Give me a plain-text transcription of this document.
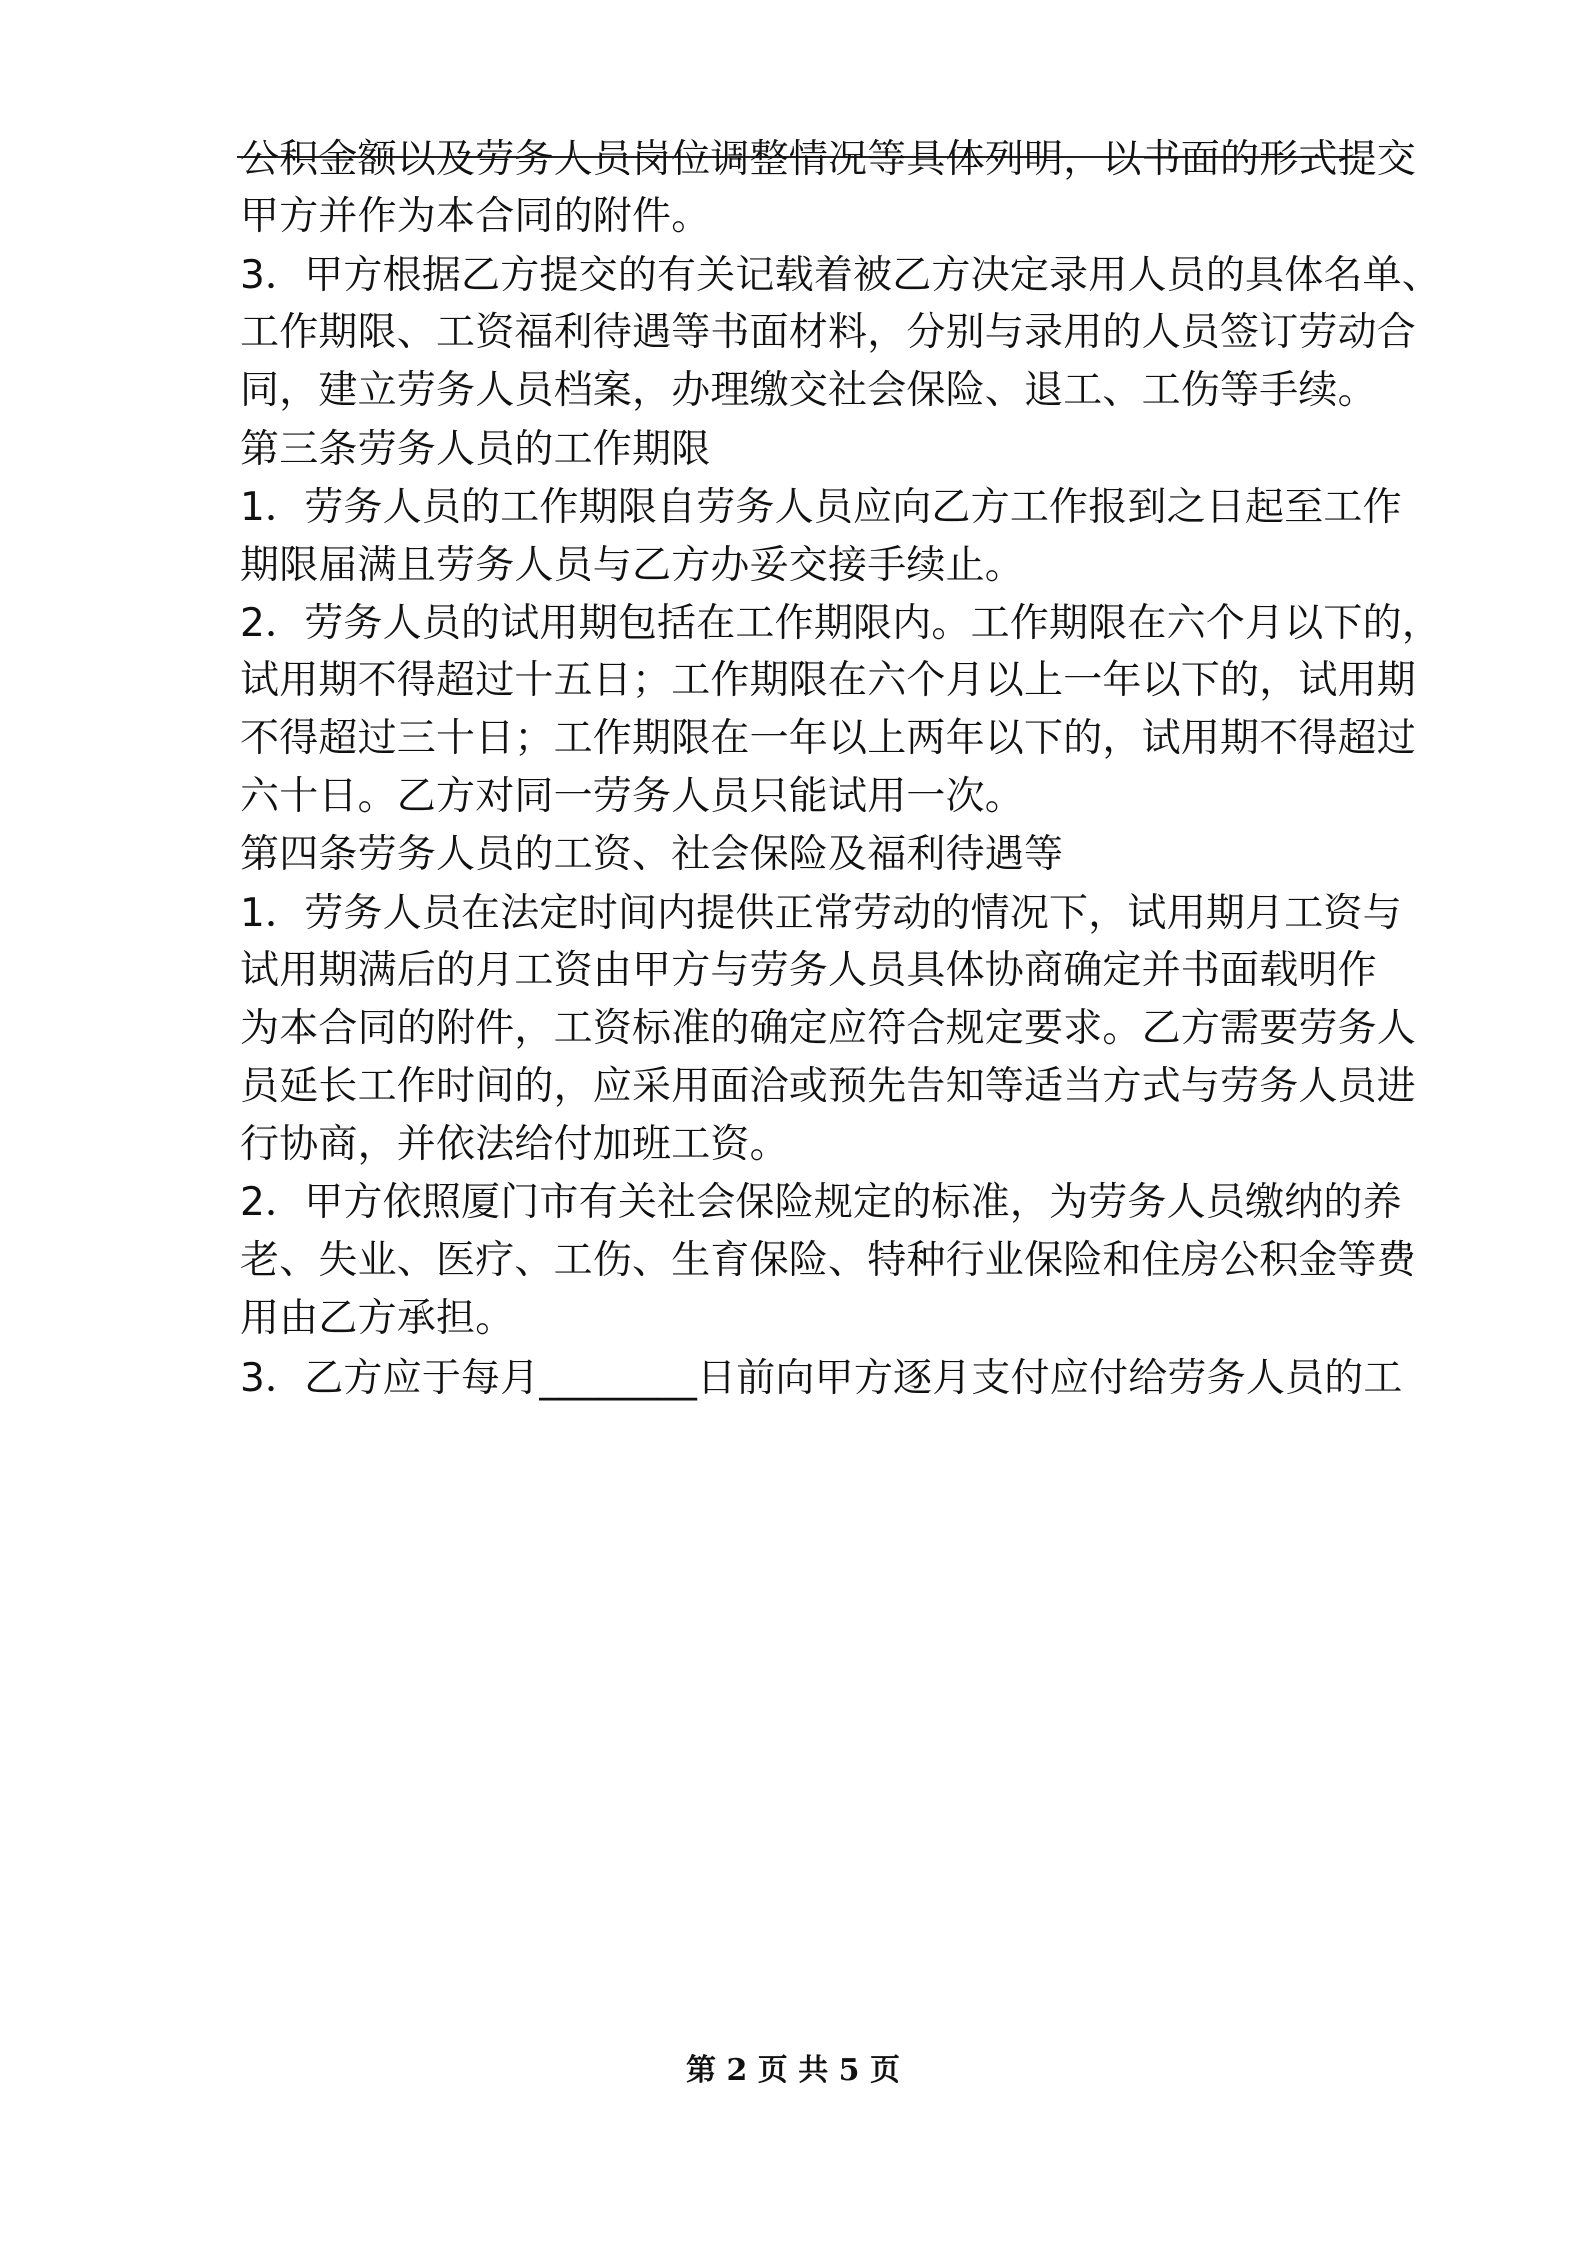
公积金额以及劳务人员岗位调整情况等具体列明，以书面的形式提交
甲方并作为本合同的附件。
3．甲方根据乙方提交的有关记载着被乙方决定录用人员的具体名单、
工作期限、工资福利待遇等书面材料，分别与录用的人员签订劳动合
同，建立劳务人员档案，办理缴交社会保险、退工、工伤等手续。
第三条劳务人员的工作期限
1．劳务人员的工作期限自劳务人员应向乙方工作报到之日起至工作
期限届满且劳务人员与乙方办妥交接手续止。
2．劳务人员的试用期包括在工作期限内。工作期限在六个月以下的，
试用期不得超过十五日；工作期限在六个月以上一年以下的，试用期
不得超过三十日；工作期限在一年以上两年以下的，试用期不得超过
六十日。乙方对同一劳务人员只能试用一次。
第四条劳务人员的工资、社会保险及福利待遇等
1．劳务人员在法定时间内提供正常劳动的情况下，试用期月工资与
试用期满后的月工资由甲方与劳务人员具体协商确定并书面载明作
为本合同的附件，工资标准的确定应符合规定要求。乙方需要劳务人
员延长工作时间的，应采用面洽或预先告知等适当方式与劳务人员进
行协商，并依法给付加班工资。
2．甲方依照厦门市有关社会保险规定的标准，为劳务人员缴纳的养
老、失业、医疗、工伤、生育保险、特种行业保险和住房公积金等费
用由乙方承担。
3．乙方应于每月________日前向甲方逐月支付应付给劳务人员的工
第 2 页 共 5 页
